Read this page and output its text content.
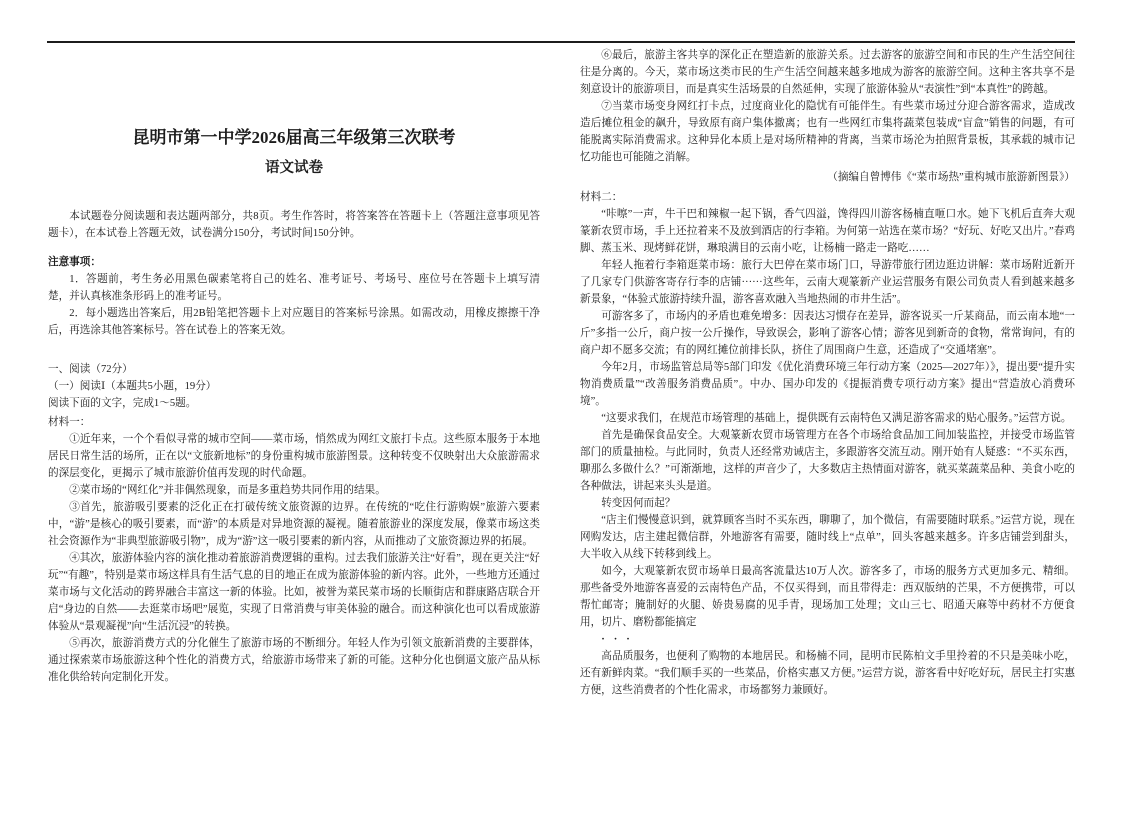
昆明市第一中学2026届高三年级第三次联考
语文试卷

本试题卷分阅读题和表达题两部分，共8页。考生作答时，将答案答在答题卡上（答题注意事项见答题卡），在本试卷上答题无效，试卷满分150分，考试时间150分钟。

注意事项：

1．答题前，考生务必用黑色碳素笔将自己的姓名、准考证号、考场号、座位号在答题卡上填写清楚，并认真核准条形码上的准考证号。

2．每小题选出答案后，用2B铅笔把答题卡上对应题目的答案标号涂黑。如需改动，用橡皮擦擦干净后，再选涂其他答案标号。答在试卷上的答案无效。

一、阅读（72分）

（一）阅读Ⅰ（本题共5小题，19分）

阅读下面的文字，完成1～5题。

材料一：

①近年来，一个个看似寻常的城市空间——菜市场，悄然成为网红文旅打卡点。这些原本服务于本地居民日常生活的场所，正在以“文旅新地标”的身份重构城市旅游图景。这种转变不仅映射出大众旅游需求的深层变化，更揭示了城市旅游价值再发现的时代命题。

②菜市场的“网红化”并非偶然现象，而是多重趋势共同作用的结果。

③首先，旅游吸引要素的泛化正在打破传统文旅资源的边界。在传统的“吃住行游购娱”旅游六要素中，“游”是核心的吸引要素，而“游”的本质是对异地资源的凝视。随着旅游业的深度发展，像菜市场这类社会资源作为“非典型旅游吸引物”，成为“游”这一吸引要素的新内容，从而推动了文旅资源边界的拓展。

④其次，旅游体验内容的演化推动着旅游消费逻辑的重构。过去我们旅游关注“好看”，现在更关注“好玩”“有趣”，特别是菜市场这样具有生活气息的目的地正在成为旅游体验的新内容。此外，一些地方还通过菜市场与文化活动的跨界融合丰富这一新的体验。比如，被誉为菜民菜市场的长顺街店和群康路店联合开启“身边的自然——去逛菜市场吧”展览，实现了日常消费与审美体验的融合。而这种演化也可以看成旅游体验从“景观凝视”向“生活沉浸”的转换。

⑤再次，旅游消费方式的分化催生了旅游市场的不断细分。年轻人作为引领文旅新消费的主要群体，通过探索菜市场旅游这种个性化的消费方式，给旅游市场带来了新的可能。这种分化也倒逼文旅产品从标准化供给转向定制化开发。

⑥最后，旅游主客共享的深化正在塑造新的旅游关系。过去游客的旅游空间和市民的生产生活空间往往是分离的。今天，菜市场这类市民的生产生活空间越来越多地成为游客的旅游空间。这种主客共享不是刻意设计的旅游项目，而是真实生活场景的自然延伸，实现了旅游体验从“表演性”到“本真性”的跨越。

⑦当菜市场变身网红打卡点，过度商业化的隐忧有可能伴生。有些菜市场过分迎合游客需求，造成改造后摊位租金的飙升，导致原有商户集体撤离；也有一些网红市集将蔬菜包装成“盲盒”销售的问题，有可能脱离实际消费需求。这种异化本质上是对场所精神的背离，当菜市场沦为拍照背景板，其承载的城市记忆功能也可能随之消解。

（摘编自曾博伟《“菜市场热”重构城市旅游新图景》）

材料二：

“咔嚓”一声，牛干巴和辣椒一起下锅，香气四溢，馋得四川游客杨楠直咂口水。她下飞机后直奔大观篆新农贸市场，手上还拉着来不及放到酒店的行李箱。为何第一站选在菜市场？“好玩、好吃又出片。”春鸡脚、蒸玉米、现烤鲜花饼，琳琅满目的云南小吃，让杨楠一路走一路吃……

年轻人拖着行李箱逛菜市场：旅行大巴停在菜市场门口，导游带旅行团边逛边讲解：菜市场附近新开了几家专门供游客寄存行李的店铺······这些年，云南大观篆新产业运营服务有限公司负责人看到越来越多新景象，“体验式旅游持续升温，游客喜欢融入当地热闹的市井生活”。

可游客多了，市场内的矛盾也难免增多：因表达习惯存在差异，游客说买一斤某商品，而云南本地“一斤”多指一公斤，商户按一公斤操作，导致误会，影响了游客心情；游客见到新奇的食物，常常询问，有的商户却不愿多交流；有的网红摊位前排长队，挤住了周围商户生意，还造成了“交通堵塞”。

今年2月，市场监管总局等5部门印发《优化消费环境三年行动方案（2025—2027年）》，提出要“提升实物消费质量”“改善服务消费品质”。中办、国办印发的《提振消费专项行动方案》提出“营造放心消费环境”。

“这要求我们，在规范市场管理的基础上，提供既有云南特色又满足游客需求的贴心服务。”运营方说。

首先是确保食品安全。大观篆新农贸市场管理方在各个市场给食品加工间加装监控，并接受市场监管部门的质量抽检。与此同时，负责人还经常劝诫店主，多跟游客交流互动。刚开始有人疑惑：“不买东西，聊那么多做什么？”可渐渐地，这样的声音少了，大多数店主热情面对游客，就买菜蔬菜品种、美食小吃的各种做法，讲起来头头是道。

转变因何而起？

“店主们慢慢意识到，就算顾客当时不买东西，聊聊了，加个微信，有需要随时联系。”运营方说，现在网购发达，店主建起微信群，外地游客有需要，随时线上“点单”，回头客越来越多。许多店铺尝到甜头，大半收入从线下转移到线上。

如今，大观篆新农贸市场单日最高客流量达10万人次。游客多了，市场的服务方式更加多元、精细。那些备受外地游客喜爱的云南特色产品，不仅买得到，而且带得走：西双版纳的芒果，不方便携带，可以帮忙邮寄；腌制好的火腿、娇贵易腐的见手青，现场加工处理；文山三七、昭通天麻等中药材不方便食用，切片、磨粉都能搞定

···

高品质服务，也便利了购物的本地居民。和杨楠不同，昆明市民陈柏文手里拎着的不只是美味小吃，还有新鲜肉菜。“我们顺手买的一些菜品，价格实惠又方便。”运营方说，游客看中好吃好玩，居民主打实惠方便，这些消费者的个性化需求，市场都努力兼顾好。
